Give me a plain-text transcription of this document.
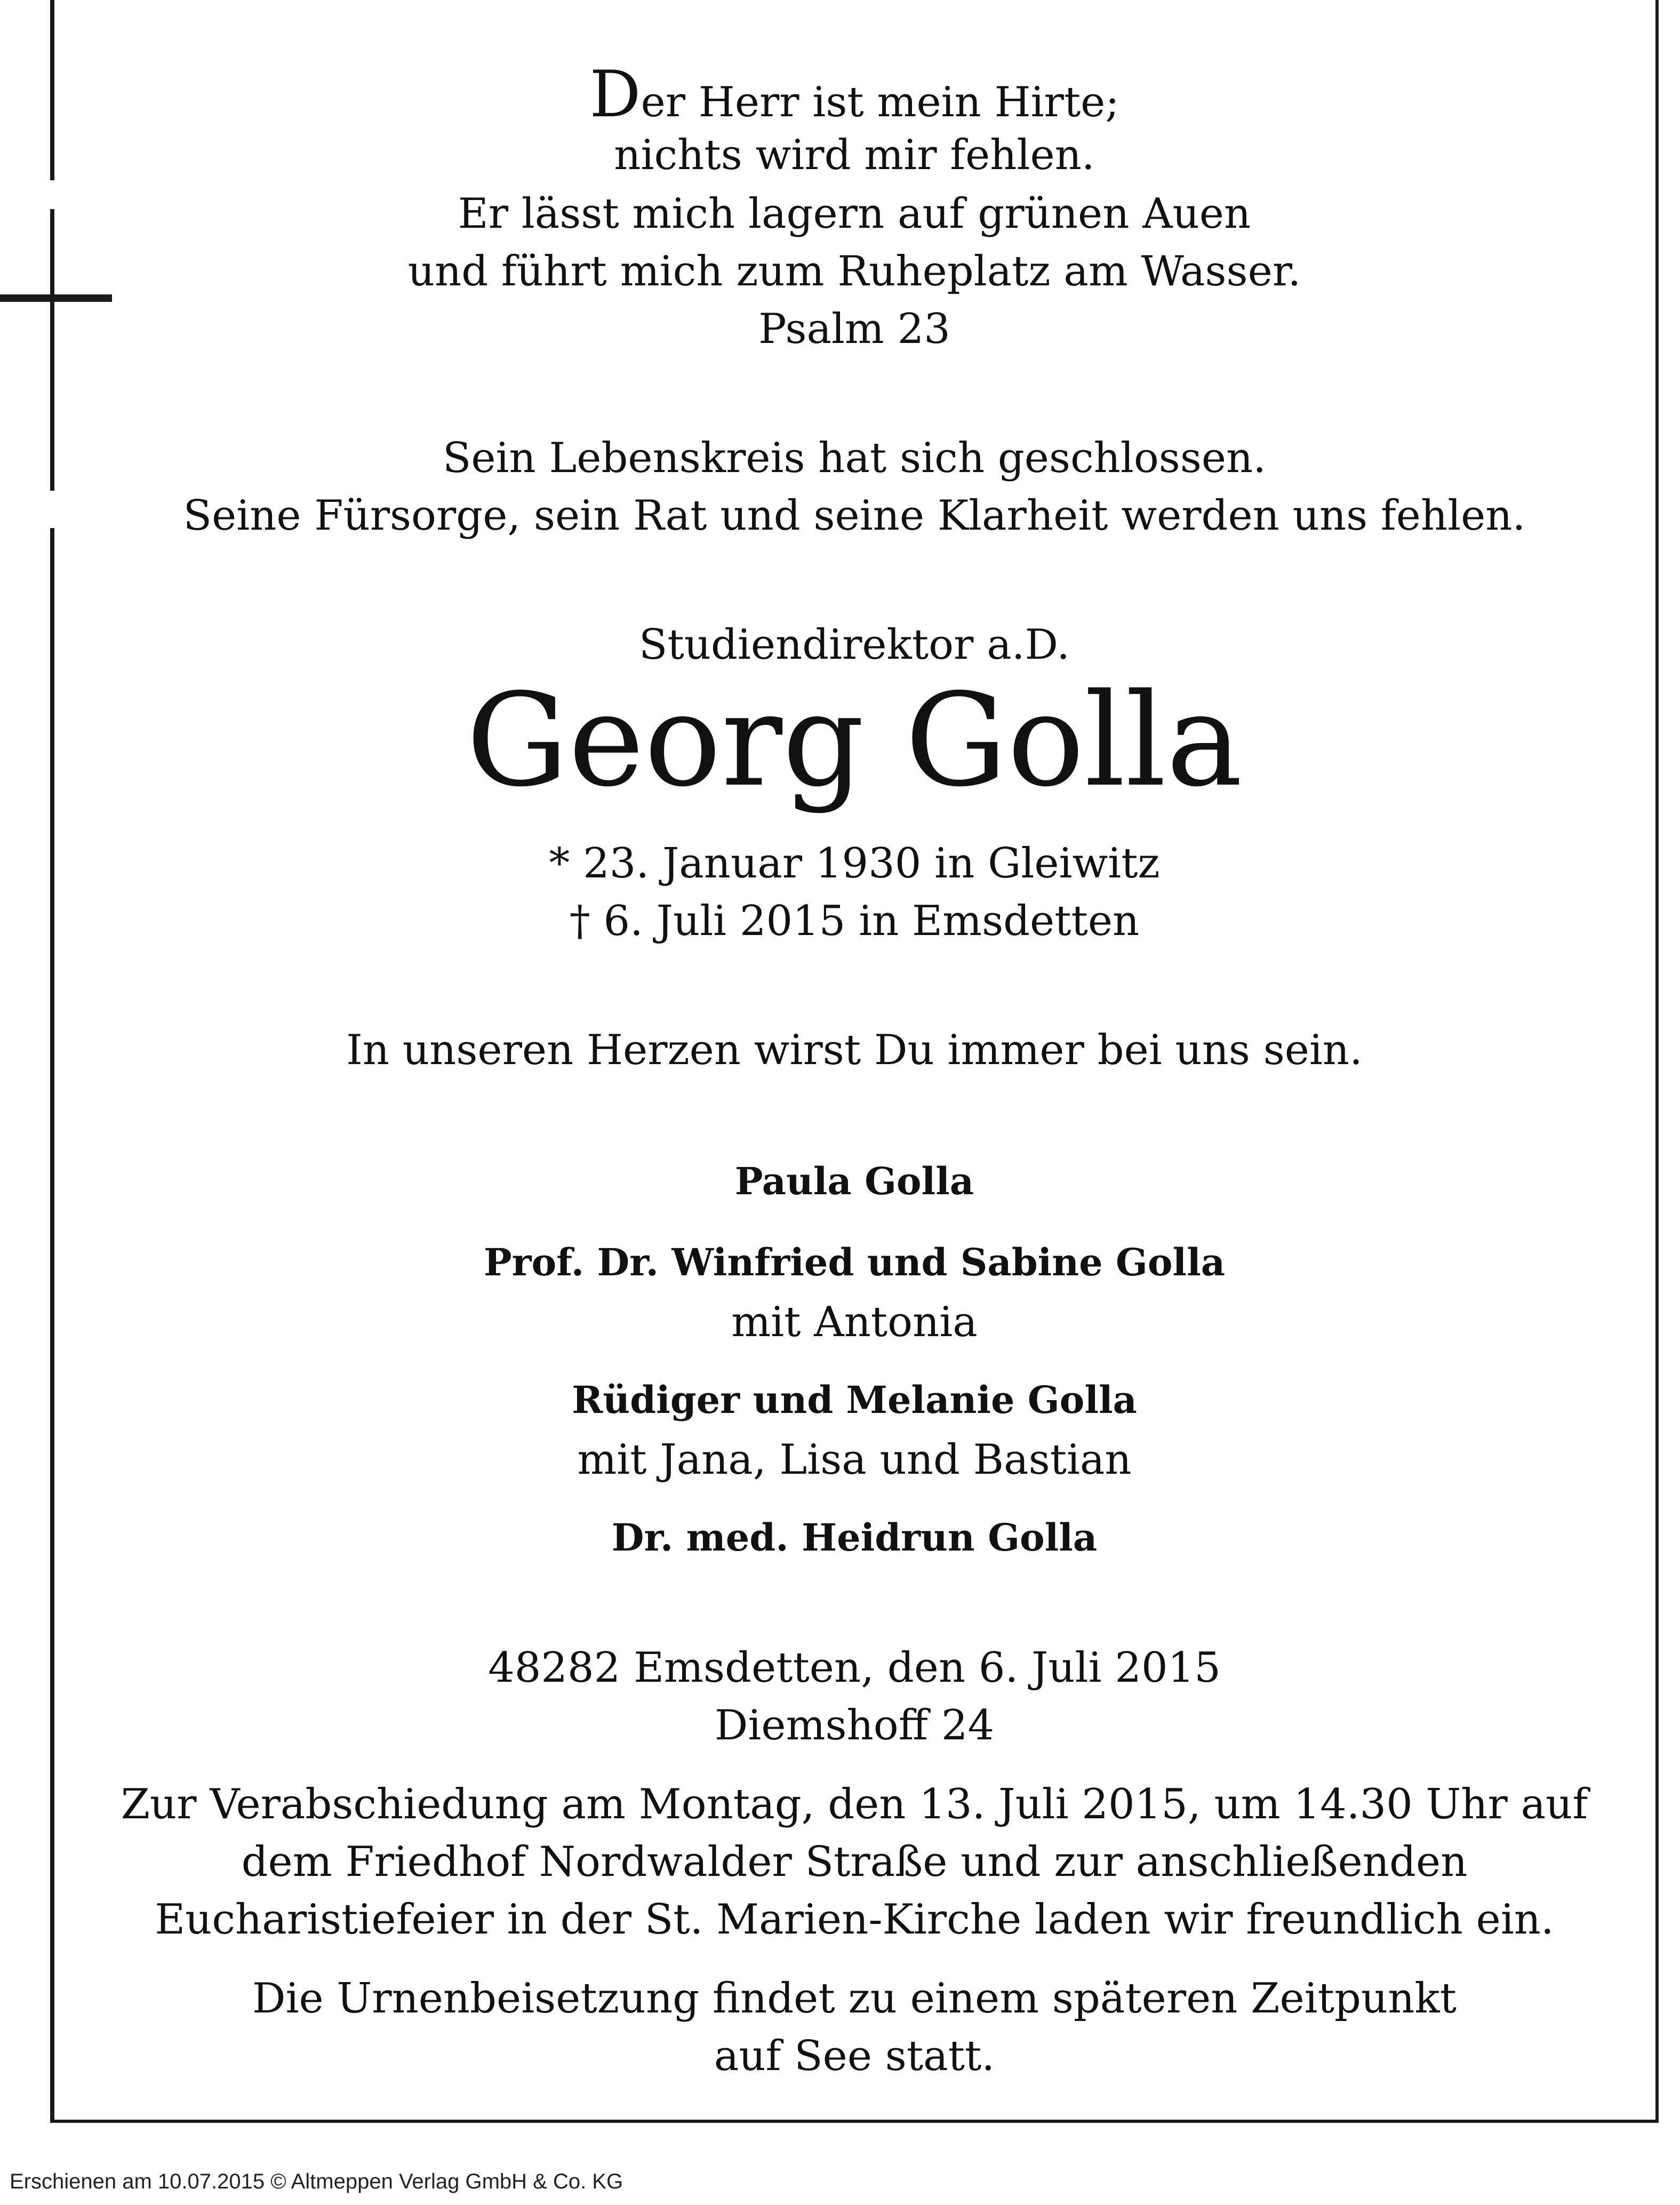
Der Herr ist mein Hirte;
nichts wird mir fehlen.
Er lässt mich lagern auf grünen Auen
und führt mich zum Ruheplatz am Wasser.
Psalm 23
Sein Lebenskreis hat sich geschlossen.
Seine Fürsorge, sein Rat und seine Klarheit werden uns fehlen.
Studiendirektor a.D.
Georg Golla
* 23. Januar 1930 in Gleiwitz
† 6. Juli 2015 in Emsdetten
In unseren Herzen wirst Du immer bei uns sein.
Paula Golla
Prof. Dr. Winfried und Sabine Golla
mit Antonia
Rüdiger und Melanie Golla
mit Jana, Lisa und Bastian
Dr. med. Heidrun Golla
48282 Emsdetten, den 6. Juli 2015
Diemshoff 24
Zur Verabschiedung am Montag, den 13. Juli 2015, um 14.30 Uhr auf
dem Friedhof Nordwalder Straße und zur anschließenden
Eucharistiefeier in der St. Marien-Kirche laden wir freundlich ein.
Die Urnenbeisetzung findet zu einem späteren Zeitpunkt
auf See statt.
Erschienen am 10.07.2015 © Altmeppen Verlag GmbH & Co. KG
